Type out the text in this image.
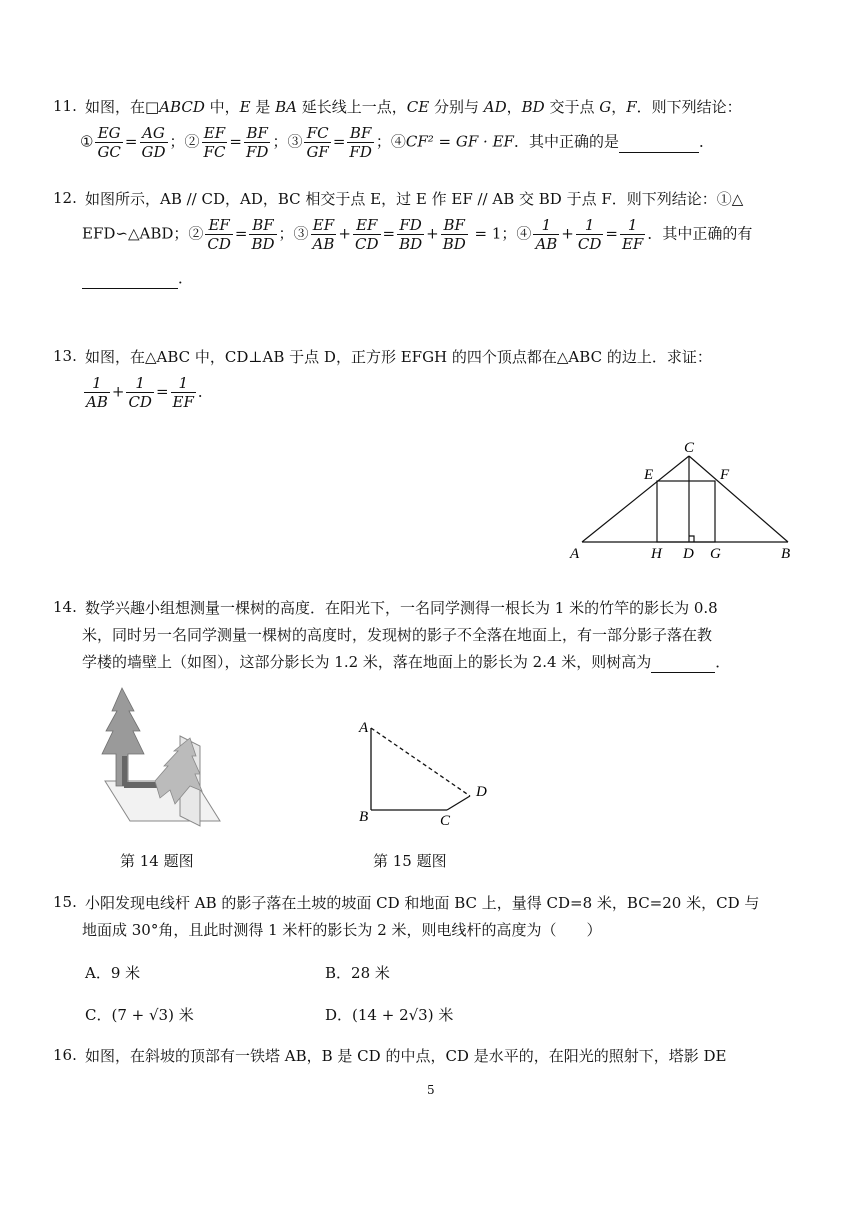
11. 如图，在□ABCD 中，E 是 BA 延长线上一点，CE 分别与 AD，BD 交于点 G，F．则下列结论：
① $\frac{EG}{GC} = \frac{AG}{GD}$ ；② $\frac{EF}{FC} = \frac{BF}{FD}$ ；③ $\frac{FC}{GF} = \frac{BF}{FD}$ ；④CF² = GF · EF．其中正确的是	．
12. 如图所示，AB // CD，AD，BC 相交于点 E，过 E 作 EF // AB 交 BD 于点 F．则下列结论：①△
EFD∽△ABD；② $\frac{EF}{CD} = \frac{BF}{BD}$ ；③ $\frac{EF}{AB} + \frac{EF}{CD} = \frac{FD}{BD} + \frac{BF}{BD} = 1$；④ $\frac{1}{AB} + \frac{1}{CD} = \frac{1}{EF}$ ．其中正确的有
．
13. 如图，在△ABC 中，CD⊥AB 于点 D，正方形 EFGH 的四个顶点都在△ABC 的边上．求证：
$\frac{1}{AB} + \frac{1}{CD} = \frac{1}{EF}$ ．
C
E	F
A	H D G	B
14. 数学兴趣小组想测量一棵树的高度．在阳光下，一名同学测得一根长为 1 米的竹竿的影长为 0.8
米，同时另一名同学测量一棵树的高度时，发现树的影子不全落在地面上，有一部分影子落在教
学楼的墙壁上（如图），这部分影长为 1.2 米，落在地面上的影长为 2.4 米，则树高为	．
第 14 题图
A
B	C
D
第 15 题图
15. 小阳发现电线杆 AB 的影子落在土坡的坡面 CD 和地面 BC 上，量得 CD=8 米，BC=20 米，CD 与
地面成 30°角，且此时测得 1 米杆的影长为 2 米，则电线杆的高度为（　　）
A．9 米	B．28 米
C．(7 + √3) 米	D．(14 + 2√3) 米
16. 如图，在斜坡的顶部有一铁塔 AB，B 是 CD 的中点，CD 是水平的，在阳光的照射下，塔影 DE
5
